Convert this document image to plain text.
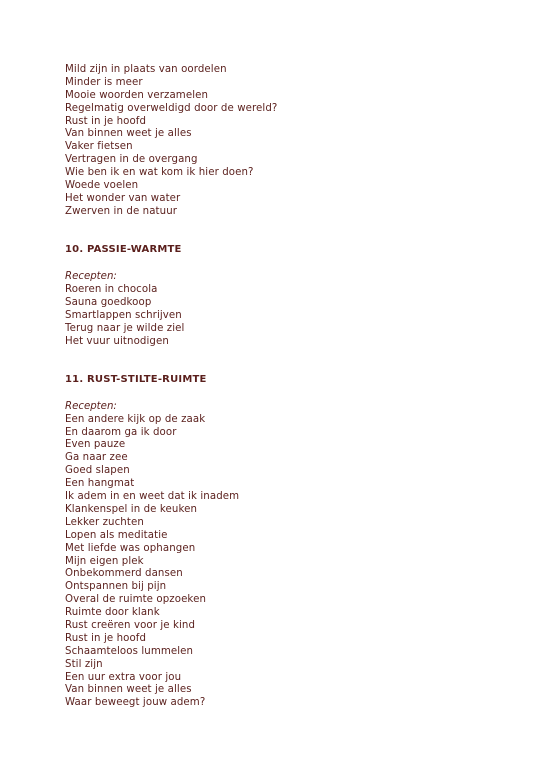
Mild zijn in plaats van oordelen
Minder is meer
Mooie woorden verzamelen
Regelmatig overweldigd door de wereld?
Rust in je hoofd
Van binnen weet je alles
Vaker fietsen
Vertragen in de overgang
Wie ben ik en wat kom ik hier doen?
Woede voelen
Het wonder van water
Zwerven in de natuur
10. PASSIE-WARMTE
Recepten:
Roeren in chocola
Sauna goedkoop
Smartlappen schrijven
Terug naar je wilde ziel
Het vuur uitnodigen
11. RUST-STILTE-RUIMTE
Recepten:
Een andere kijk op de zaak
En daarom ga ik door
Even pauze
Ga naar zee
Goed slapen
Een hangmat
Ik adem in en weet dat ik inadem
Klankenspel in de keuken
Lekker zuchten
Lopen als meditatie
Met liefde was ophangen
Mijn eigen plek
Onbekommerd dansen
Ontspannen bij pijn
Overal de ruimte opzoeken
Ruimte door klank
Rust creëren voor je kind
Rust in je hoofd
Schaamteloos lummelen
Stil zijn
Een uur extra voor jou
Van binnen weet je alles
Waar beweegt jouw adem?
